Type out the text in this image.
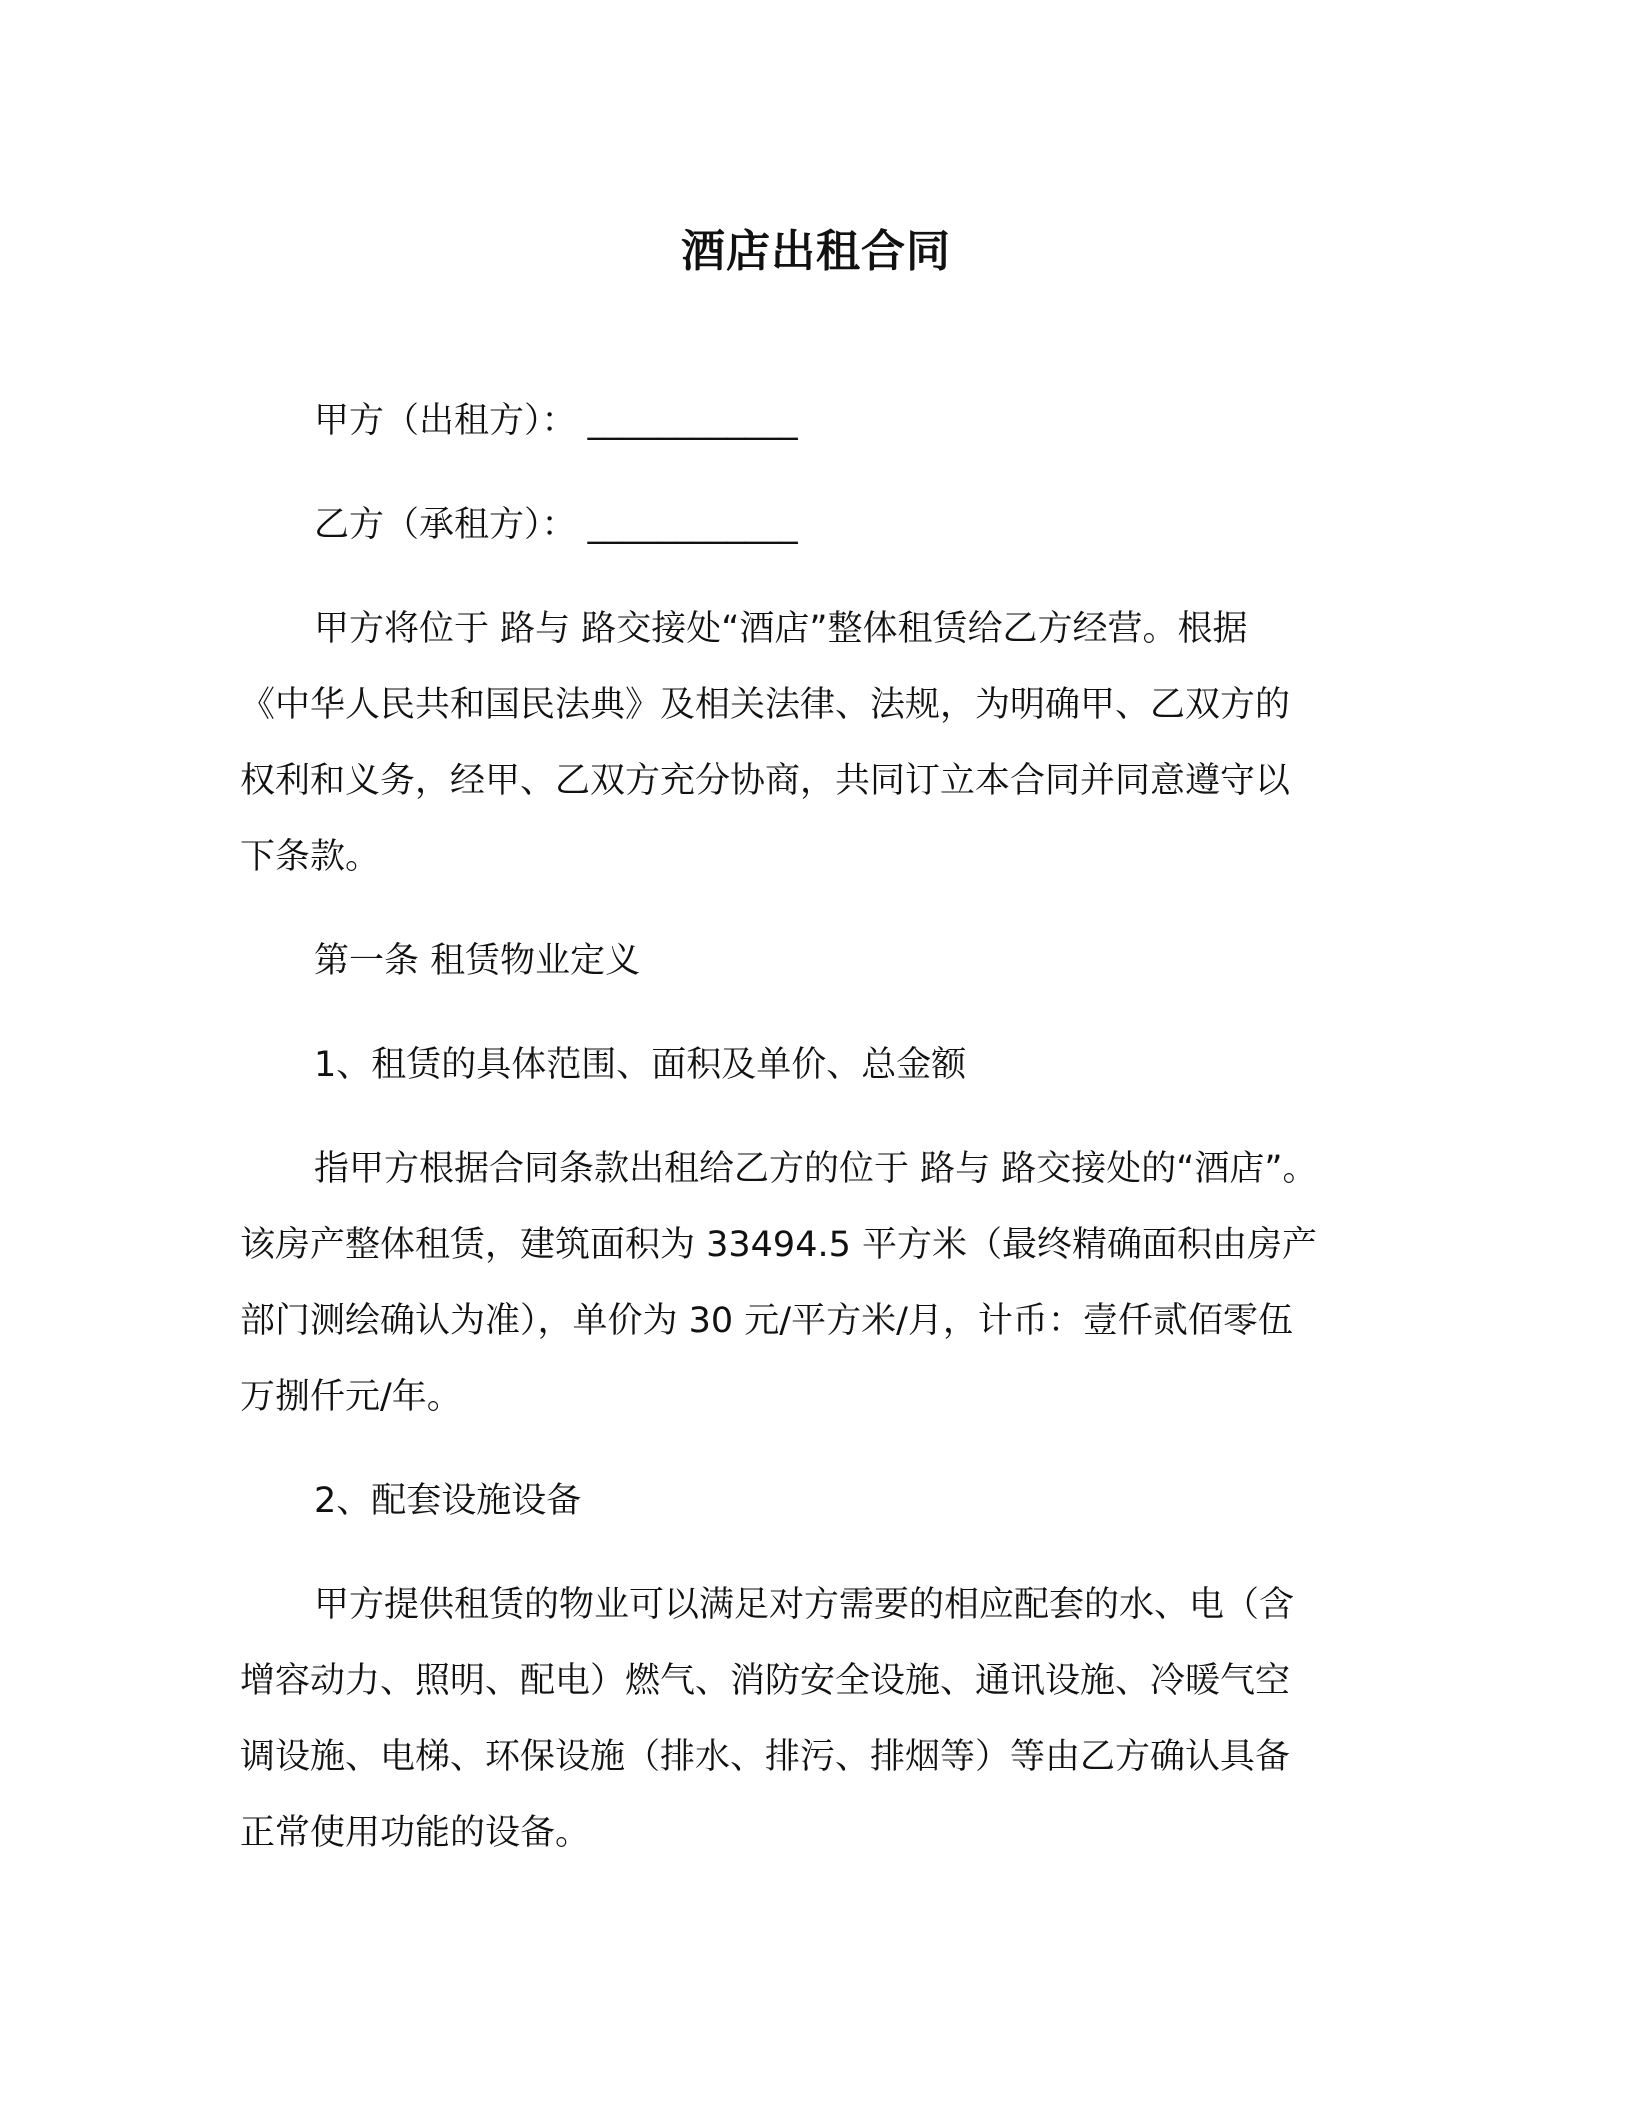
酒店出租合同
甲方（出租方）： ____________
乙方（承租方）： ____________
甲方将位于 路与 路交接处“酒店”整体租赁给乙方经营。根据
《中华人民共和国民法典》及相关法律、法规，为明确甲、乙双方的
权利和义务，经甲、乙双方充分协商，共同订立本合同并同意遵守以
下条款。
第一条 租赁物业定义
1、租赁的具体范围、面积及单价、总金额
指甲方根据合同条款出租给乙方的位于 路与 路交接处的“酒店”。
该房产整体租赁，建筑面积为 33494.5 平方米（最终精确面积由房产
部门测绘确认为准），单价为 30 元/平方米/月，计币：壹仟贰佰零伍
万捌仟元/年。
2、配套设施设备
甲方提供租赁的物业可以满足对方需要的相应配套的水、电（含
增容动力、照明、配电）燃气、消防安全设施、通讯设施、冷暖气空
调设施、电梯、环保设施（排水、排污、排烟等）等由乙方确认具备
正常使用功能的设备。
